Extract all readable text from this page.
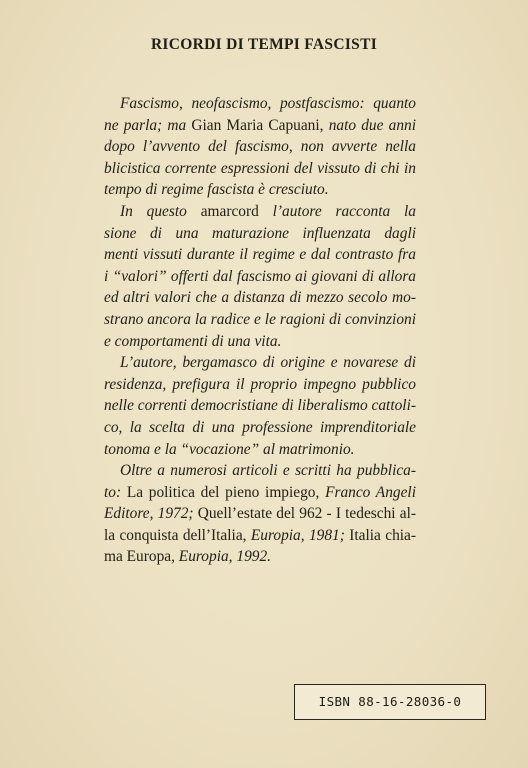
RICORDI DI TEMPI FASCISTI
Fascismo, neofascismo, postfascismo: quanto
ne parla; ma Gian Maria Capuani, nato due anni
dopo l’avvento del fascismo, non avverte nella
blicistica corrente espressioni del vissuto di chi in
tempo di regime fascista è cresciuto.
In questo amarcord l’autore racconta la
sione di una maturazione influenzata dagli
menti vissuti durante il regime e dal contrasto fra
i “valori” offerti dal fascismo ai giovani di allora
ed altri valori che a distanza di mezzo secolo mo-
strano ancora la radice e le ragioni di convinzioni
e comportamenti di una vita.
L’autore, bergamasco di origine e novarese di
residenza, prefigura il proprio impegno pubblico
nelle correnti democristiane di liberalismo cattoli-
co, la scelta di una professione imprenditoriale
tonoma e la “vocazione” al matrimonio.
Oltre a numerosi articoli e scritti ha pubblica-
to: La politica del pieno impiego, Franco Angeli
Editore, 1972; Quell’estate del 962 - I tedeschi al-
la conquista dell’Italia, Europia, 1981; Italia chia-
ma Europa, Europia, 1992.
ISBN 88-16-28036-0
